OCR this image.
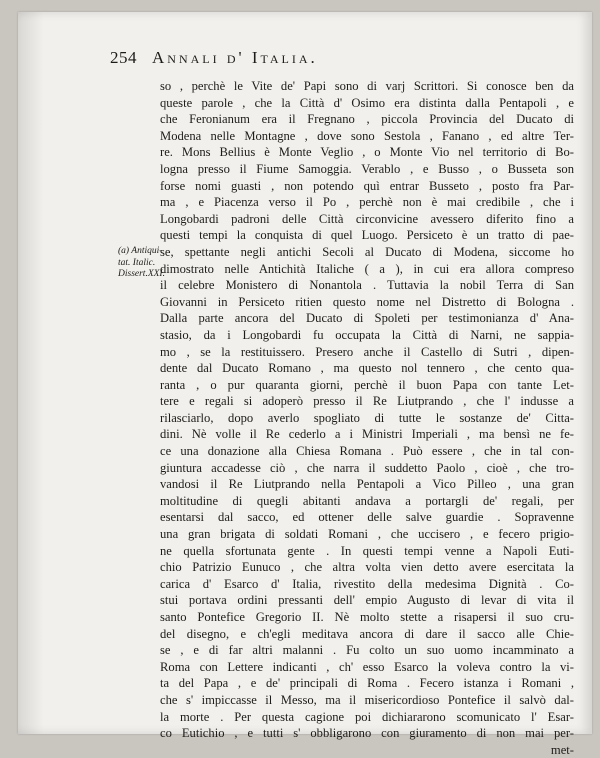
254 Annali d' Italia.
(a) Antiqui-
tat. Italic.
Dissert.XXI.
so , perchè le Vite de' Papi sono di varj Scrittori. Si conosce ben da
queste parole , che la Città d' Osimo era distinta dalla Pentapoli , e
che Feronianum era il Fregnano , piccola Provincia del Ducato di
Modena nelle Montagne , dove sono Sestola , Fanano , ed altre Ter-
re. Mons Bellius è Monte Veglio , o Monte Vio nel territorio di Bo-
logna presso il Fiume Samoggia. Verablo , e Busso , o Busseta son
forse nomi guasti , non potendo quì entrar Busseto , posto fra Par-
ma , e Piacenza verso il Po , perchè non è mai credibile , che i
Longobardi padroni delle Città circonvicine avessero diferito fino a
questi tempi la conquista di quel Luogo. Persiceto è un tratto di pae-
se, spettante negli antichi Secoli al Ducato di Modena, siccome ho
dimostrato nelle Antichità Italiche ( a ), in cui era allora compreso
il celebre Monistero di Nonantola . Tuttavia la nobil Terra di San
Giovanni in Persiceto ritien questo nome nel Distretto di Bologna .
Dalla parte ancora del Ducato di Spoleti per testimonianza d' Ana-
stasio, da i Longobardi fu occupata la Città di Narni, ne sappia-
mo , se la restituissero. Presero anche il Castello di Sutri , dipen-
dente dal Ducato Romano , ma questo nol tennero , che cento qua-
ranta , o pur quaranta giorni, perchè il buon Papa con tante Let-
tere e regali si adoperò presso il Re Liutprando , che l' indusse a
rilasciarlo, dopo averlo spogliato di tutte le sostanze de' Citta-
dini. Nè volle il Re cederlo a i Ministri Imperiali , ma bensì ne fe-
ce una donazione alla Chiesa Romana . Può essere , che in tal con-
giuntura accadesse ciò , che narra il suddetto Paolo , cioè , che tro-
vandosi il Re Liutprando nella Pentapoli a Vico Pilleo , una gran
moltitudine di quegli abitanti andava a portargli de' regali, per
esentarsi dal sacco, ed ottener delle salve guardie . Sopravenne
una gran brigata di soldati Romani , che uccisero , e fecero prigio-
ne quella sfortunata gente . In questi tempi venne a Napoli Euti-
chio Patrizio Eunuco , che altra volta vien detto avere esercitata la
carica d' Esarco d' Italia, rivestito della medesima Dignità . Co-
stui portava ordini pressanti dell' empio Augusto di levar di vita il
santo Pontefice Gregorio II. Nè molto stette a risapersi il suo cru-
del disegno, e ch'egli meditava ancora di dare il sacco alle Chie-
se , e di far altri malanni . Fu colto un suo uomo incamminato a
Roma con Lettere indicanti , ch' esso Esarco la voleva contro la vi-
ta del Papa , e de' principali di Roma . Fecero istanza i Romani ,
che s' impiccasse il Messo, ma il misericordioso Pontefice il salvò dal-
la morte . Per questa cagione poi dichiararono scomunicato l' Esar-
co Eutichio , e tutti s' obbligarono con giuramento di non mai per-
met-
